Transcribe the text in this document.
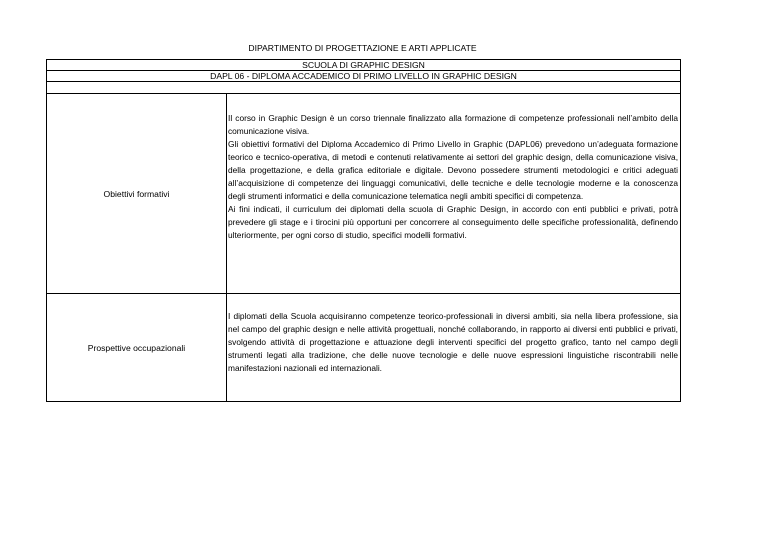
DIPARTIMENTO DI PROGETTAZIONE E ARTI APPLICATE
SCUOLA DI GRAPHIC DESIGN	
DAPL 06 - DIPLOMA ACCADEMICO DI PRIMO LIVELLO IN GRAPHIC DESIGN	

Obiettivi formativi	Il corso in Graphic Design è un corso triennale finalizzato alla formazione di competenze professionali nell’ambito della comunicazione visiva.

Gli obiettivi formativi del Diploma Accademico di Primo Livello in Graphic (DAPL06) prevedono un’adeguata formazione teorico e tecnico-operativa, di metodi e contenuti relativamente ai settori del graphic design, della comunicazione visiva, della progettazione, e della grafica editoriale e digitale. Devono possedere strumenti metodologici e critici adeguati all’acquisizione di competenze dei linguaggi comunicativi, delle tecniche e delle tecnologie moderne e la conoscenza degli strumenti informatici e della comunicazione telematica negli ambiti specifici di competenza.

Ai fini indicati, il curriculum dei diplomati della scuola di Graphic Design, in accordo con enti pubblici e privati, potrà prevedere gli stage e i tirocini più opportuni per concorrere al conseguimento delle specifiche professionalità, definendo ulteriormente, per ogni corso di studio, specifici modelli formativi.

Prospettive occupazionali	I diplomati della Scuola acquisiranno competenze teorico-professionali in diversi ambiti, sia nella libera professione, sia nel campo del graphic design e nelle attività progettuali, nonché collaborando, in rapporto ai diversi enti pubblici e privati, svolgendo attività di progettazione e attuazione degli interventi specifici del progetto grafico, tanto nel campo degli strumenti legati alla tradizione, che delle nuove tecnologie e delle nuove espressioni linguistiche riscontrabili nelle manifestazioni nazionali ed internazionali.
